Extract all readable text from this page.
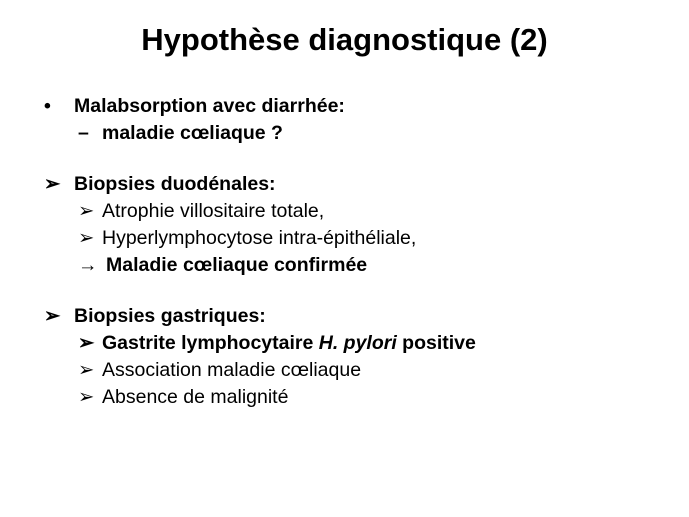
Hypothèse diagnostique (2)
• Malabsorption avec diarrhée:
– maladie cœliaque ?
➢ Biopsies duodénales:
➢ Atrophie villositaire totale,
➢ Hyperlymphocytose intra-épithéliale,
→ Maladie cœliaque confirmée
➢ Biopsies gastriques:
➢ Gastrite lymphocytaire H. pylori positive
➢ Association maladie cœliaque
➢ Absence de malignité
